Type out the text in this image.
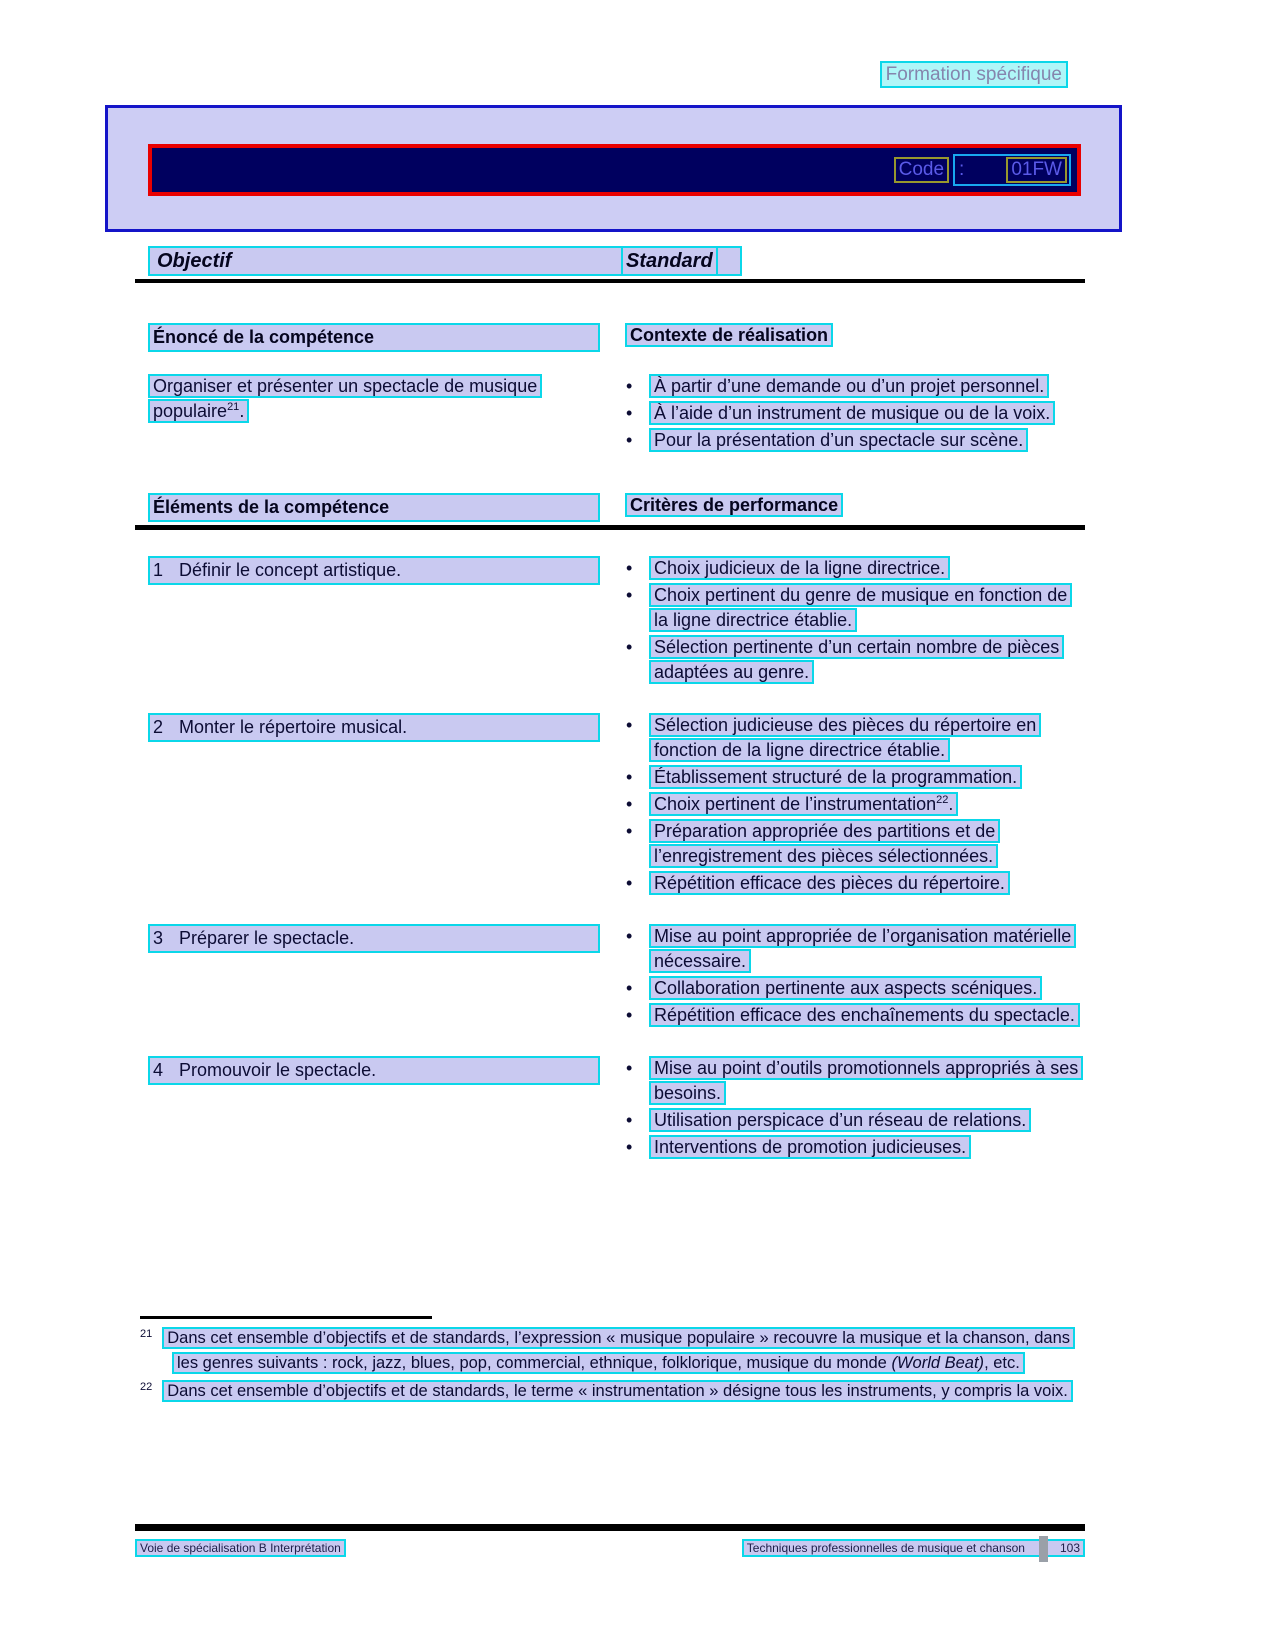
Formation spécifique
Code : 01FW
Objectif	Standard
Énoncé de la compétence	Contexte de réalisation
Organiser et présenter un spectacle de musique populaire$^{21}$.
• À partir d’une demande ou d’un projet personnel.
• À l’aide d’un instrument de musique ou de la voix.
• Pour la présentation d’un spectacle sur scène.
Éléments de la compétence	Critères de performance
1 Définir le concept artistique.	• Choix judicieux de la ligne directrice.
• Choix pertinent du genre de musique en fonction de la ligne directrice établie.
• Sélection pertinente d’un certain nombre de pièces adaptées au genre.
2 Monter le répertoire musical.	• Sélection judicieuse des pièces du répertoire en fonction de la ligne directrice établie.
• Établissement structuré de la programmation.
• Choix pertinent de l’instrumentation$^{22}$.
• Préparation appropriée des partitions et de l’enregistrement des pièces sélectionnées.
• Répétition efficace des pièces du répertoire.
3 Préparer le spectacle.	• Mise au point appropriée de l’organisation matérielle nécessaire.
• Collaboration pertinente aux aspects scéniques.
• Répétition efficace des enchaînements du spectacle.
4 Promouvoir le spectacle.	• Mise au point d’outils promotionnels appropriés à ses besoins.
• Utilisation perspicace d’un réseau de relations.
• Interventions de promotion judicieuses.
$^{21}$ Dans cet ensemble d’objectifs et de standards, l’expression « musique populaire » recouvre la musique et la chanson, dans les genres suivants : rock, jazz, blues, pop, commercial, ethnique, folklorique, musique du monde (World Beat), etc.
$^{22}$ Dans cet ensemble d’objectifs et de standards, le terme « instrumentation » désigne tous les instruments, y compris la voix.
Voie de spécialisation B Interprétation	Techniques professionnelles de musique et chanson	103
